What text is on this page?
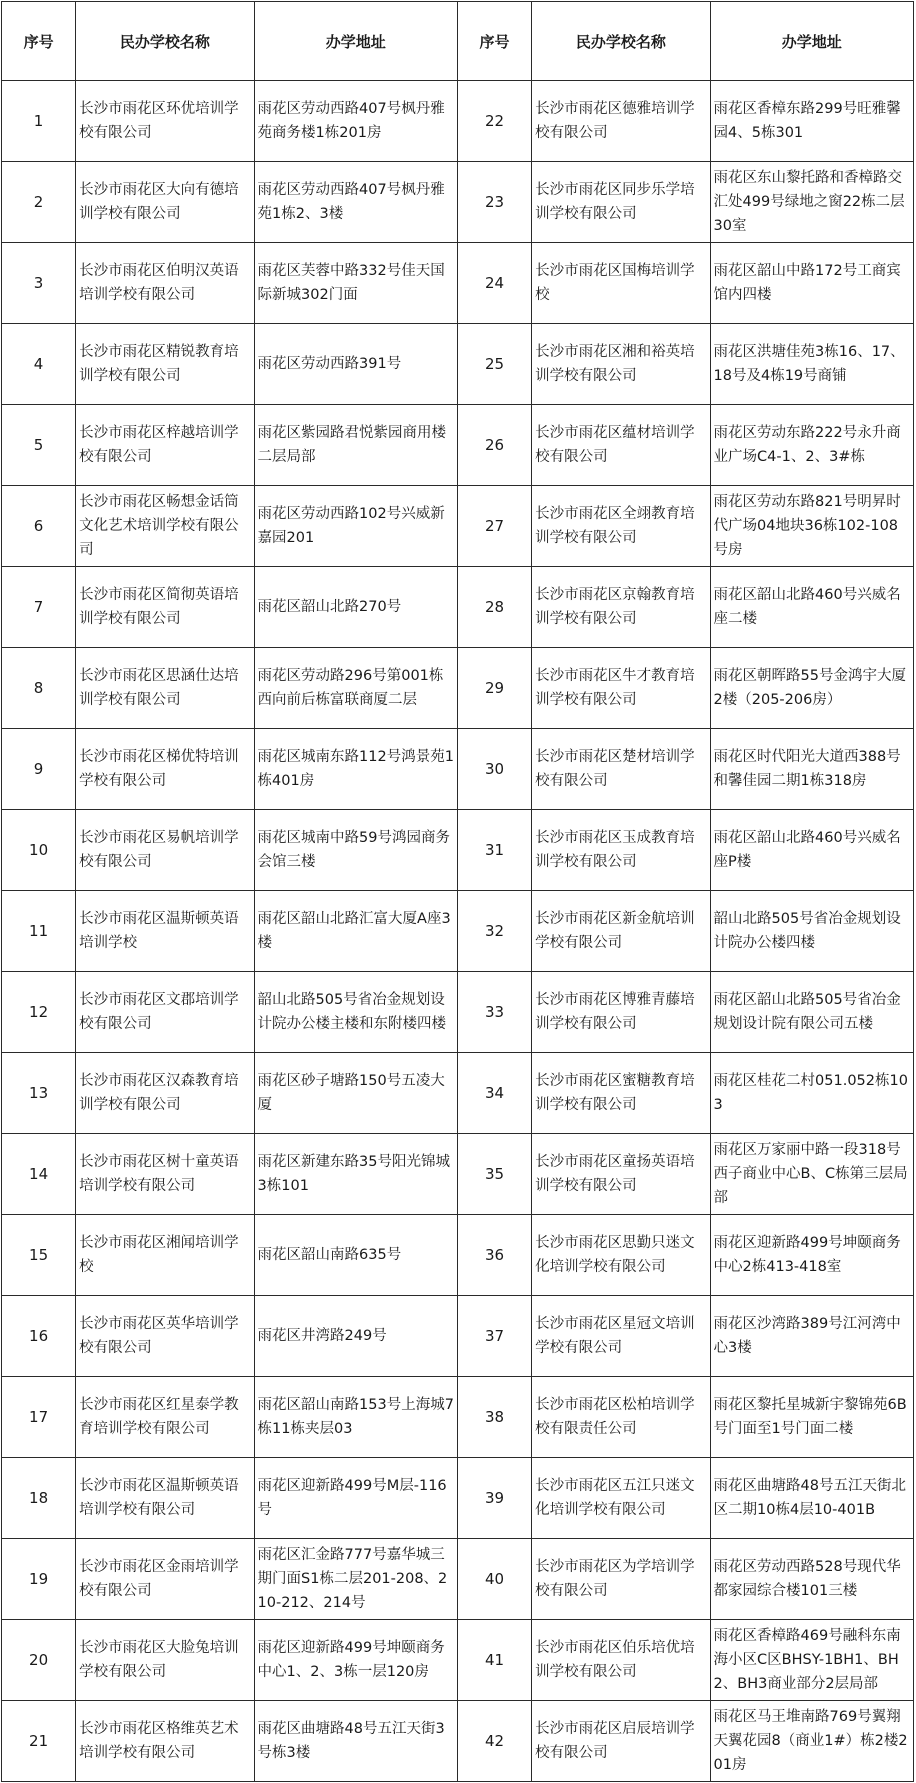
序号	民办学校名称	办学地址	序号	民办学校名称	办学地址
1	长沙市雨花区环优培训学校有限公司	雨花区劳动西路407号枫丹雅苑商务楼1栋201房	22	长沙市雨花区德雅培训学校有限公司	雨花区香樟东路299号旺雅馨园4、5栋301
2	长沙市雨花区大向有德培训学校有限公司	雨花区劳动西路407号枫丹雅苑1栋2、3楼	23	长沙市雨花区同步乐学培训学校有限公司	雨花区东山黎托路和香樟路交汇处499号绿地之窗22栋二层30室
3	长沙市雨花区伯明汉英语培训学校有限公司	雨花区芙蓉中路332号佳天国际新城302门面	24	长沙市雨花区国梅培训学校	雨花区韶山中路172号工商宾馆内四楼
4	长沙市雨花区精锐教育培训学校有限公司	雨花区劳动西路391号	25	长沙市雨花区湘和裕英培训学校有限公司	雨花区洪塘佳苑3栋16、17、18号及4栋19号商铺
5	长沙市雨花区梓越培训学校有限公司	雨花区紫园路君悦紫园商用楼二层局部	26	长沙市雨花区蕴材培训学校有限公司	雨花区劳动东路222号永升商业广场C4-1、2、3#栋
6	长沙市雨花区畅想金话筒文化艺术培训学校有限公司	雨花区劳动西路102号兴威新嘉园201	27	长沙市雨花区全翊教育培训学校有限公司	雨花区劳动东路821号明昇时代广场04地块36栋102-108号房
7	长沙市雨花区简彻英语培训学校有限公司	雨花区韶山北路270号	28	长沙市雨花区京翰教育培训学校有限公司	雨花区韶山北路460号兴威名座二楼
8	长沙市雨花区思涵仕达培训学校有限公司	雨花区劳动路296号第001栋西向前后栋富联商厦二层	29	长沙市雨花区牛才教育培训学校有限公司	雨花区朝晖路55号金鸿宇大厦2楼（205-206房）
9	长沙市雨花区梯优特培训学校有限公司	雨花区城南东路112号鸿景苑1栋401房	30	长沙市雨花区楚材培训学校有限公司	雨花区时代阳光大道西388号和馨佳园二期1栋318房
10	长沙市雨花区易帆培训学校有限公司	雨花区城南中路59号鸿园商务会馆三楼	31	长沙市雨花区玉成教育培训学校有限公司	雨花区韶山北路460号兴威名座P楼
11	长沙市雨花区温斯顿英语培训学校	雨花区韶山北路汇富大厦A座3楼	32	长沙市雨花区新金航培训学校有限公司	韶山北路505号省冶金规划设计院办公楼四楼
12	长沙市雨花区文郡培训学校有限公司	韶山北路505号省冶金规划设计院办公楼主楼和东附楼四楼	33	长沙市雨花区博雅青藤培训学校有限公司	雨花区韶山北路505号省冶金规划设计院有限公司五楼
13	长沙市雨花区汉森教育培训学校有限公司	雨花区砂子塘路150号五凌大厦	34	长沙市雨花区蜜糖教育培训学校有限公司	雨花区桂花二村051.052栋103
14	长沙市雨花区树十童英语培训学校有限公司	雨花区新建东路35号阳光锦城3栋101	35	长沙市雨花区童扬英语培训学校有限公司	雨花区万家丽中路一段318号西子商业中心B、C栋第三层局部
15	长沙市雨花区湘闻培训学校	雨花区韶山南路635号	36	长沙市雨花区思勤只迷文化培训学校有限公司	雨花区迎新路499号坤颐商务中心2栋413-418室
16	长沙市雨花区英华培训学校有限公司	雨花区井湾路249号	37	长沙市雨花区星冠文培训学校有限公司	雨花区沙湾路389号江河湾中心3楼
17	长沙市雨花区红星泰学教育培训学校有限公司	雨花区韶山南路153号上海城7栋11栋夹层03	38	长沙市雨花区松柏培训学校有限责任公司	雨花区黎托星城新宇黎锦苑6B号门面至1号门面二楼
18	长沙市雨花区温斯顿英语培训学校有限公司	雨花区迎新路499号M层-116号	39	长沙市雨花区五江只迷文化培训学校有限公司	雨花区曲塘路48号五江天街北区二期10栋4层10-401B
19	长沙市雨花区金雨培训学校有限公司	雨花区汇金路777号嘉华城三期门面S1栋二层201-208、210-212、214号	40	长沙市雨花区为学培训学校有限公司	雨花区劳动西路528号现代华都家园综合楼101三楼
20	长沙市雨花区大脸兔培训学校有限公司	雨花区迎新路499号坤颐商务中心1、2、3栋一层120房	41	长沙市雨花区伯乐培优培训学校有限公司	雨花区香樟路469号融科东南海小区C区BHSY-1BH1、BH2、BH3商业部分2层局部
21	长沙市雨花区格维英艺术培训学校有限公司	雨花区曲塘路48号五江天街3号栋3楼	42	长沙市雨花区启辰培训学校有限公司	雨花区马王堆南路769号翼翔天翼花园8（商业1#）栋2楼201房
